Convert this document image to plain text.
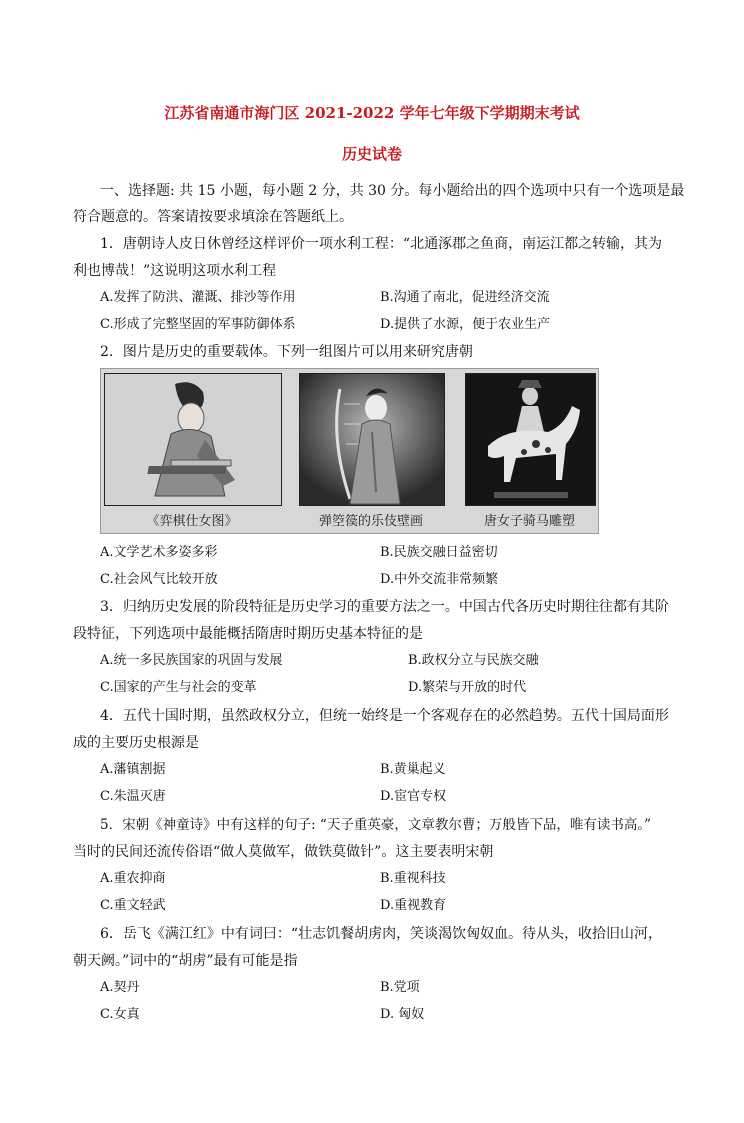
江苏省南通市海门区 2021-2022 学年七年级下学期期末考试
历史试卷
一、选择题: 共 15 小题，每小题 2 分，共 30 分。每小题给出的四个选项中只有一个选项是最
符合题意的。答案请按要求填涂在答题纸上。
1．唐朝诗人皮日休曾经这样评价一项水利工程：“北通涿郡之鱼商，南运江都之转输，其为
利也博哉！”这说明这项水利工程
A.发挥了防洪、灌溉、排沙等作用	B.沟通了南北，促进经济交流
C.形成了完整坚固的军事防御体系	D.提供了水源，便于农业生产
2．图片是历史的重要载体。下列一组图片可以用来研究唐朝
《弈棋仕女图》	弹箜篌的乐伎壁画	唐女子骑马雕塑
A.文学艺术多姿多彩	B.民族交融日益密切
C.社会风气比较开放	D.中外交流非常频繁
3．归纳历史发展的阶段特征是历史学习的重要方法之一。中国古代各历史时期往往都有其阶
段特征，下列选项中最能概括隋唐时期历史基本特征的是
A.统一多民族国家的巩固与发展	B.政权分立与民族交融
C.国家的产生与社会的变革	D.繁荣与开放的时代
4．五代十国时期，虽然政权分立，但统一始终是一个客观存在的必然趋势。五代十国局面形
成的主要历史根源是
A.藩镇割据	B.黄巢起义
C.朱温灭唐	D.宦官专权
5．宋朝《神童诗》中有这样的句子: “天子重英豪，文章教尔曹；万般皆下品，唯有读书高。”
当时的民间还流传俗语“做人莫做军，做铁莫做针”。这主要表明宋朝
A.重农抑商	B.重视科技
C.重文轻武	D.重视教育
6．岳飞《满江红》中有词曰：“壮志饥餐胡虏肉，笑谈渴饮匈奴血。待从头，收拾旧山河，
朝天阙。”词中的“胡虏”最有可能是指
A.契丹	B.党项
C.女真	D. 匈奴
